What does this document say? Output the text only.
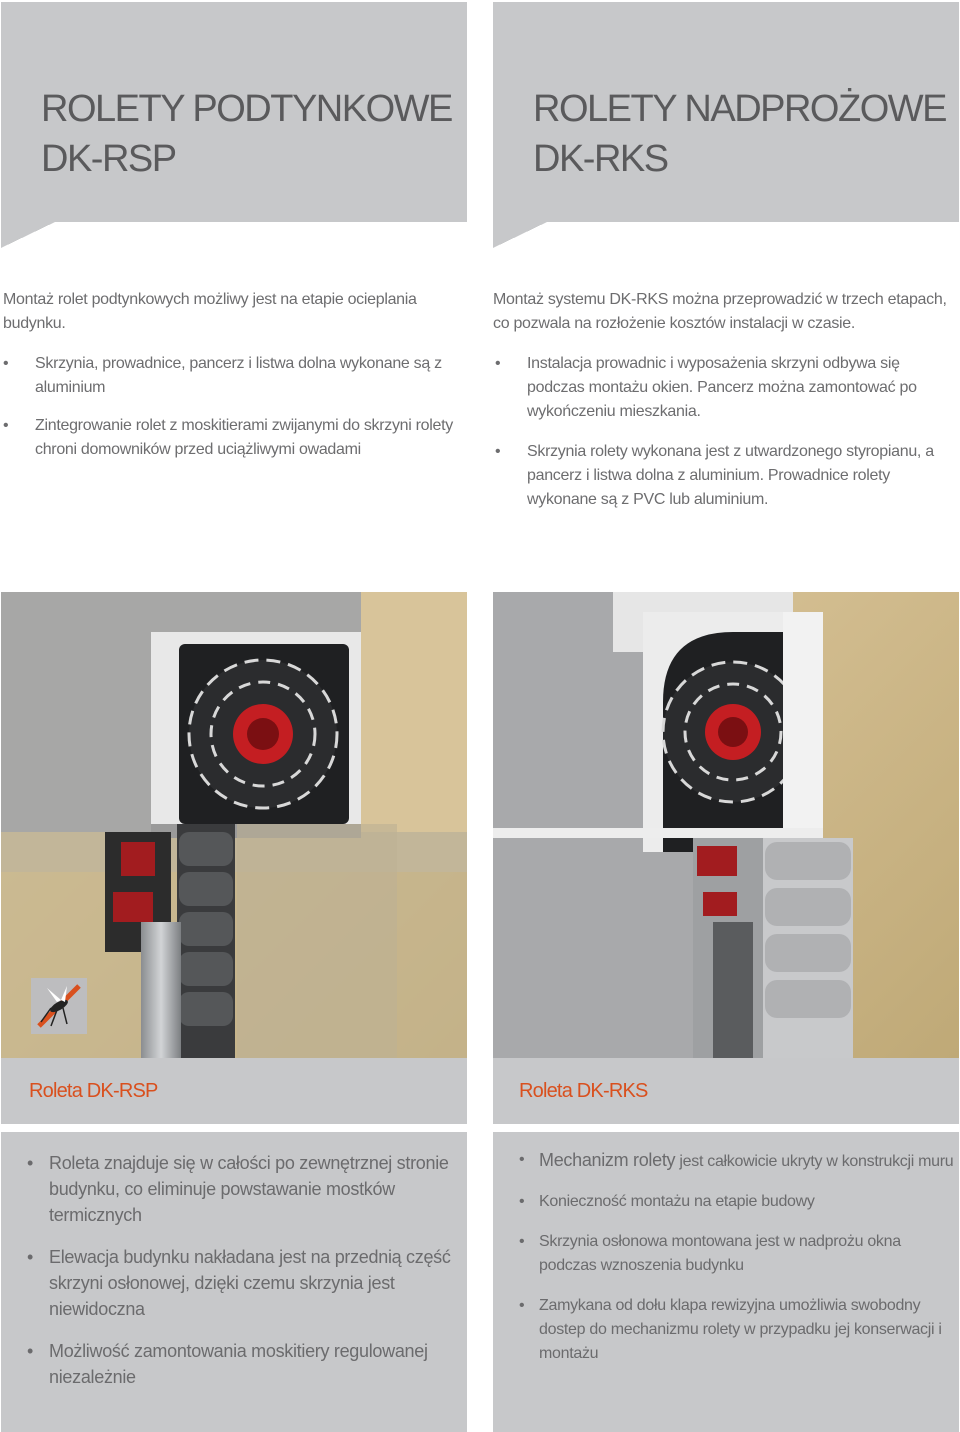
ROLETY PODTYNKOWE
DK-RSP
Montaż rolet podtynkowych możliwy jest na etapie ocieplania budynku.
• Skrzynia, prowadnice, pancerz i listwa dolna wykonane są z aluminium
• Zintegrowanie rolet z moskitierami zwijanymi do skrzyni rolety chroni domowników przed uciążliwymi owadami
Roleta DK-RSP
• Roleta znajduje się w całości po zewnętrznej stronie budynku, co eliminuje powstawanie mostków termicznych
• Elewacja budynku nakładana jest na przednią część skrzyni osłonowej, dzięki czemu skrzynia jest niewidoczna
• Możliwość zamontowania moskitiery regulowanej niezależnie
ROLETY NADPROŻOWE
DK-RKS
Montaż systemu DK-RKS można przeprowadzić w trzech etapach, co pozwala na rozłożenie kosztów instalacji w czasie.
• Instalacja prowadnic i wyposażenia skrzyni odbywa się podczas montażu okien. Pancerz można zamontować po wykończeniu mieszkania.
• Skrzynia rolety wykonana jest z utwardzonego styropianu, a pancerz i listwa dolna z aluminium. Prowadnice rolety wykonane są z PVC lub aluminium.
Roleta DK-RKS
• Mechanizm rolety jest całkowicie ukryty w konstrukcji muru
• Konieczność montażu na etapie budowy
• Skrzynia osłonowa montowana jest w nadprożu okna podczas wznoszenia budynku
• Zamykana od dołu klapa rewizyjna umożliwia swobodny dostep do mechanizmu rolety w przypadku jej konserwacji i montażu
